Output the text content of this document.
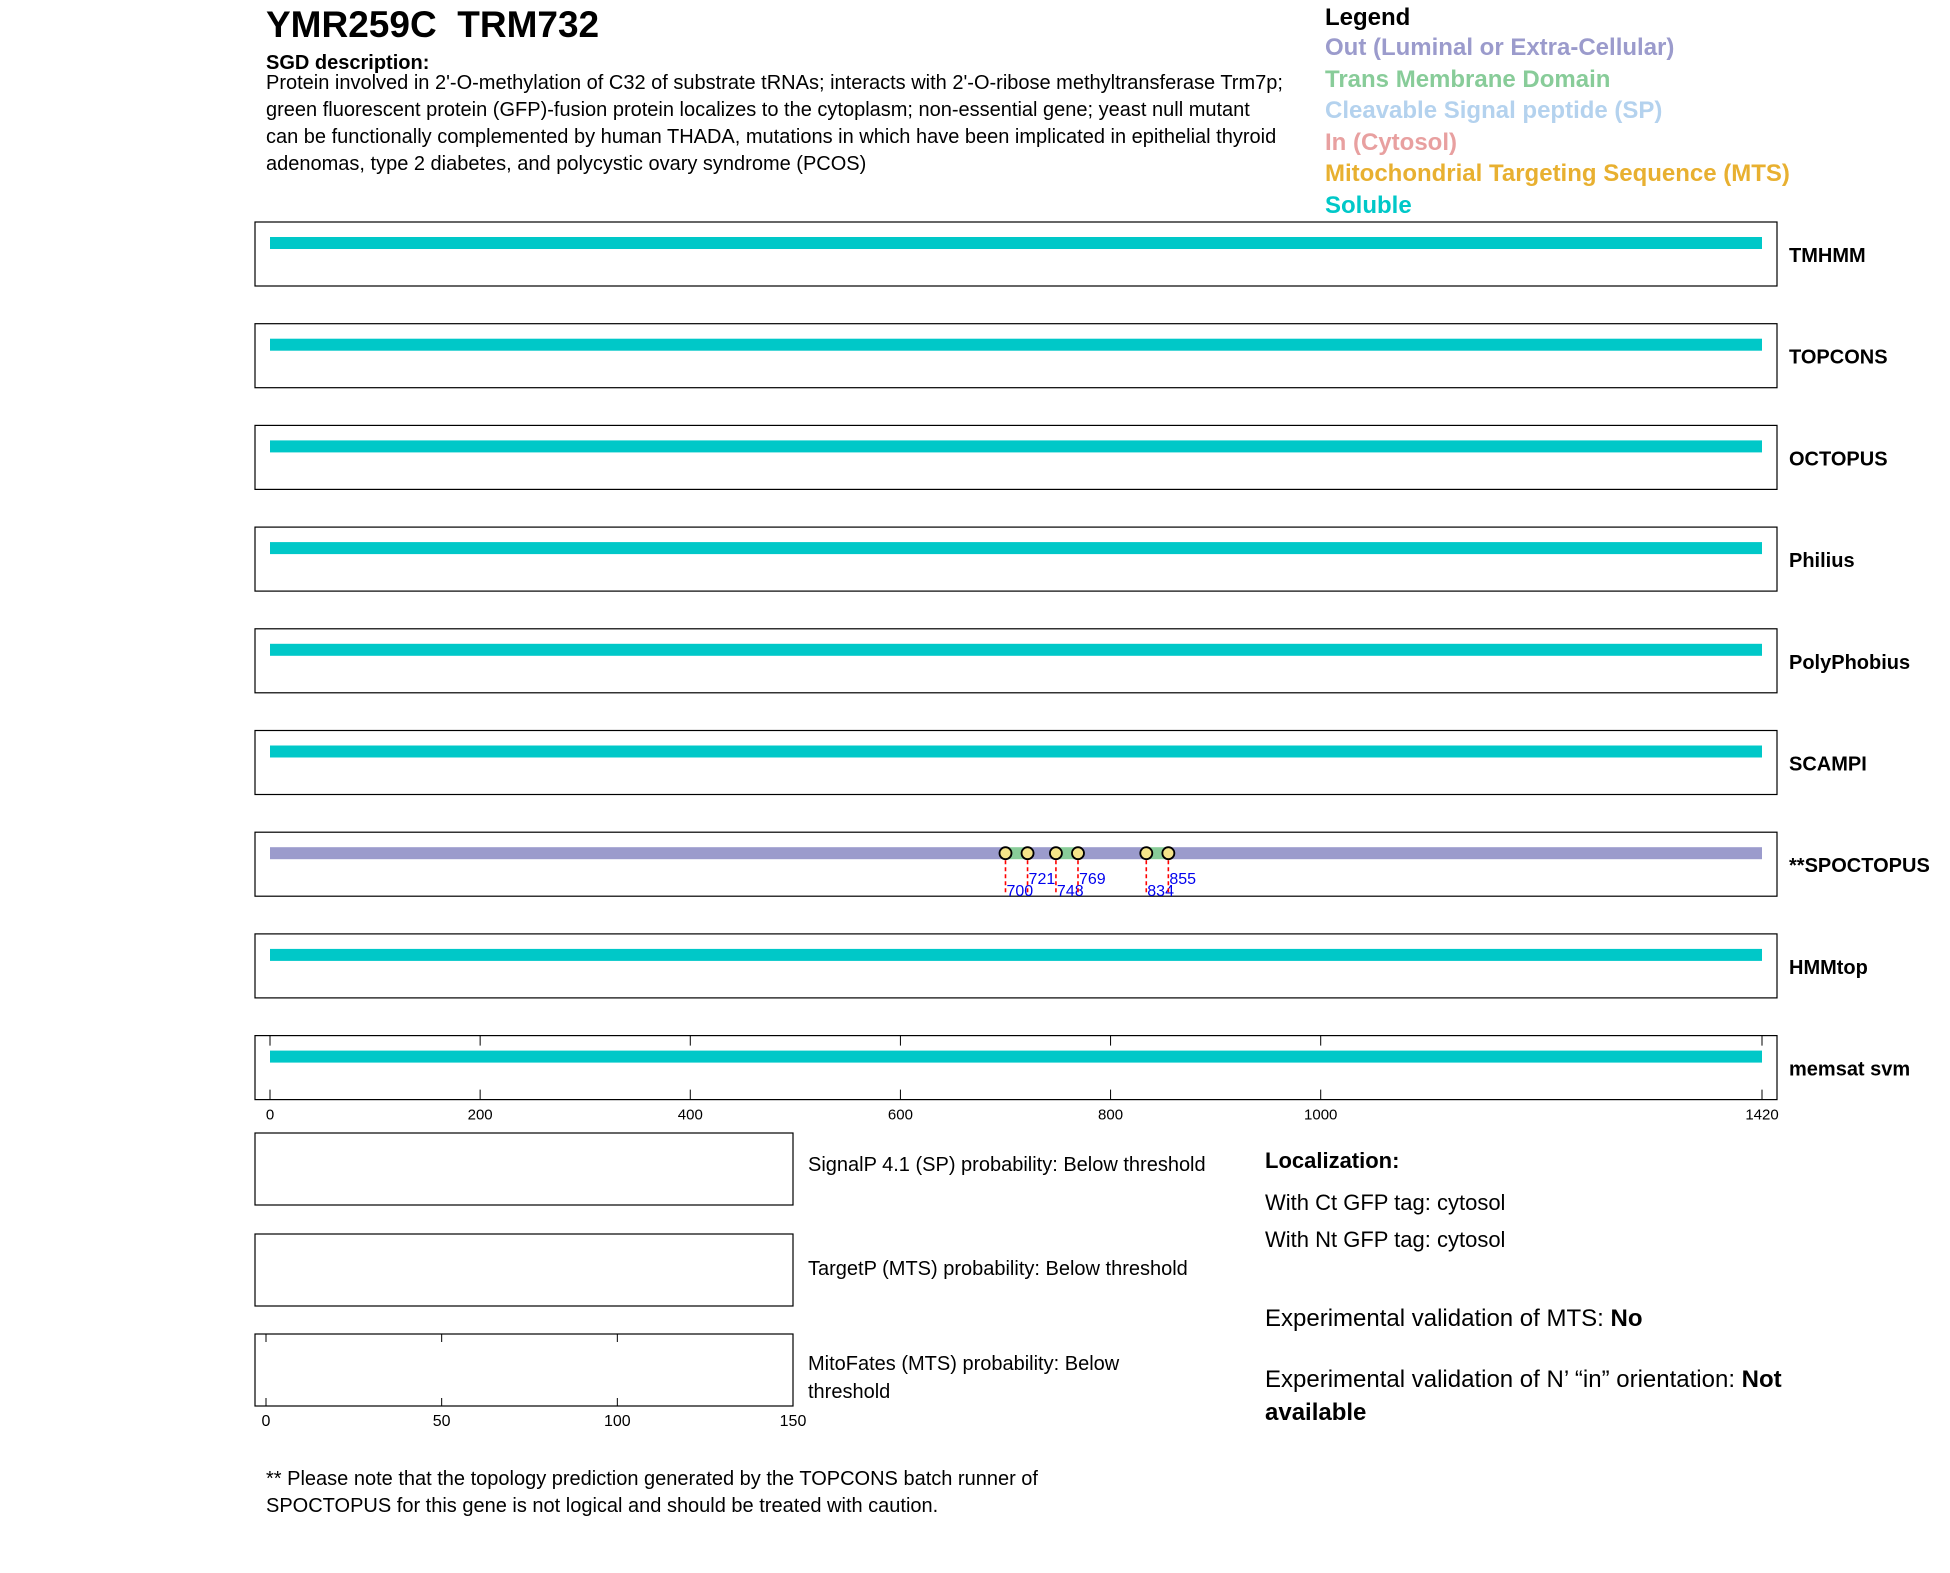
YMR259C TRM732
SGD description:
Protein involved in 2'-O-methylation of C32 of substrate tRNAs; interacts with 2'-O-ribose methyltransferase Trm7p; green fluorescent protein (GFP)-fusion protein localizes to the cytoplasm; non-essential gene; yeast null mutant can be functionally complemented by human THADA, mutations in which have been implicated in epithelial thyroid adenomas, type 2 diabetes, and polycystic ovary syndrome (PCOS)
Legend
Out (Luminal or Extra-Cellular)
Trans Membrane Domain
Cleavable Signal peptide (SP)
In (Cytosol)
Mitochondrial Targeting Sequence (MTS)
Soluble
TMHMM
TOPCONS
OCTOPUS
Philius
PolyPhobius
SCAMPI
**SPOCTOPUS
700
721
748
769
834
855
HMMtop
memsat svm
0	200	400	600	800	1000	1420
0	50	100	150
SignalP 4.1 (SP) probability: Below threshold
TargetP (MTS) probability: Below threshold
MitoFates (MTS) probability: Below threshold
Localization:
With Ct GFP tag: cytosol
With Nt GFP tag: cytosol
Experimental validation of MTS: No
Experimental validation of N’ “in” orientation: Not available
** Please note that the topology prediction generated by the TOPCONS batch runner of SPOCTOPUS for this gene is not logical and should be treated with caution.
